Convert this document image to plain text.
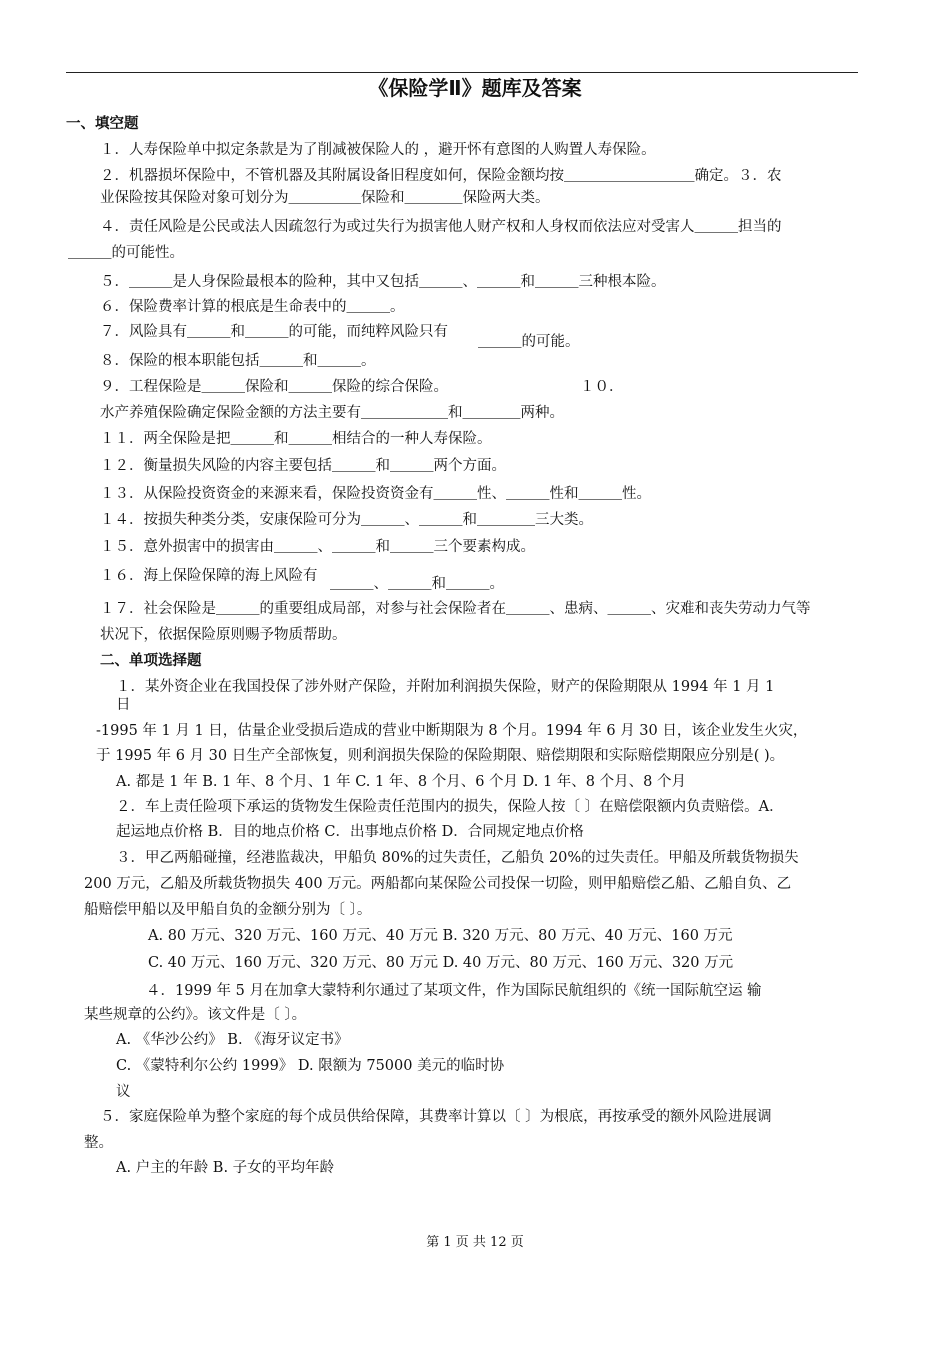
《保险学Ⅱ》题库及答案
一、填空题
１．人寿保险单中拟定条款是为了削减被保险人的 ，避开怀有意图的人购置人寿保险。
２．机器损坏保险中，不管机器及其附属设备旧程度如何，保险金额均按＿＿＿＿＿＿＿＿＿确定。３．农
业保险按其保险对象可划分为＿＿＿＿＿保险和＿＿＿＿保险两大类。
４．责任风险是公民或法人因疏忽行为或过失行为损害他人财产权和人身权而依法应对受害人＿＿＿担当的
＿＿＿的可能性。
５．＿＿＿是人身保险最根本的险种，其中又包括＿＿＿、＿＿＿和＿＿＿三种根本险。
６．保险费率计算的根底是生命表中的＿＿＿。
７．风险具有＿＿＿和＿＿＿的可能，而纯粹风险只有
＿＿＿的可能。
８．保险的根本职能包括＿＿＿和＿＿＿。
９．工程保险是＿＿＿保险和＿＿＿保险的综合保险。	１０．
水产养殖保险确定保险金额的方法主要有＿＿＿＿＿＿和＿＿＿＿两种。
１１．两全保险是把＿＿＿和＿＿＿相结合的一种人寿保险。
１２．衡量损失风险的内容主要包括＿＿＿和＿＿＿两个方面。
１３．从保险投资资金的来源来看，保险投资资金有＿＿＿性、＿＿＿性和＿＿＿性。
１４．按损失种类分类，安康保险可分为＿＿＿、＿＿＿和＿＿＿＿三大类。
１５．意外损害中的损害由＿＿＿、＿＿＿和＿＿＿三个要素构成。
１６．海上保险保障的海上风险有 ＿＿＿、＿＿＿和＿＿＿。
１７．社会保险是＿＿＿的重要组成局部，对参与社会保险者在＿＿＿、患病、＿＿＿、灾难和丧失劳动力气等
状况下，依据保险原则赐予物质帮助。
二、单项选择题
１．某外资企业在我国投保了涉外财产保险，并附加利润损失保险，财产的保险期限从 1994 年 1 月 1
日
-1995 年 1 月 1 日，估量企业受损后造成的营业中断期限为 8 个月。1994 年 6 月 30 日，该企业发生火灾，
于 1995 年 6 月 30 日生产全部恢复，则利润损失保险的保险期限、赔偿期限和实际赔偿期限应分别是( )。
A. 都是 1 年 B. 1 年、8 个月、1 年 C. 1 年、8 个月、6 个月 D. 1 年、8 个月、8 个月
２．车上责任险项下承运的货物发生保险责任范围内的损失，保险人按〔 〕在赔偿限额内负责赔偿。A．
起运地点价格 B．目的地点价格 C．出事地点价格 D．合同规定地点价格
３．甲乙两船碰撞，经港监裁决，甲船负 80%的过失责任，乙船负 20%的过失责任。甲船及所载货物损失
200 万元，乙船及所载货物损失 400 万元。两船都向某保险公司投保一切险，则甲船赔偿乙船、乙船自负、乙
船赔偿甲船以及甲船自负的金额分别为〔 〕。
A. 80 万元、320 万元、160 万元、40 万元 B. 320 万元、80 万元、40 万元、160 万元
C. 40 万元、160 万元、320 万元、80 万元 D. 40 万元、80 万元、160 万元、320 万元
４．1999 年 5 月在加拿大蒙特利尔通过了某项文件，作为国际民航组织的《统一国际航空运 输
某些规章的公约》。该文件是〔 〕。
A. 《华沙公约》 B. 《海牙议定书》
C. 《蒙特利尔公约 1999》 D. 限额为 75000 美元的临时协
议
５．家庭保险单为整个家庭的每个成员供给保障，其费率计算以〔 〕为根底，再按承受的额外风险进展调
整。
A. 户主的年龄 B. 子女的平均年龄
第 1 页 共 12 页
